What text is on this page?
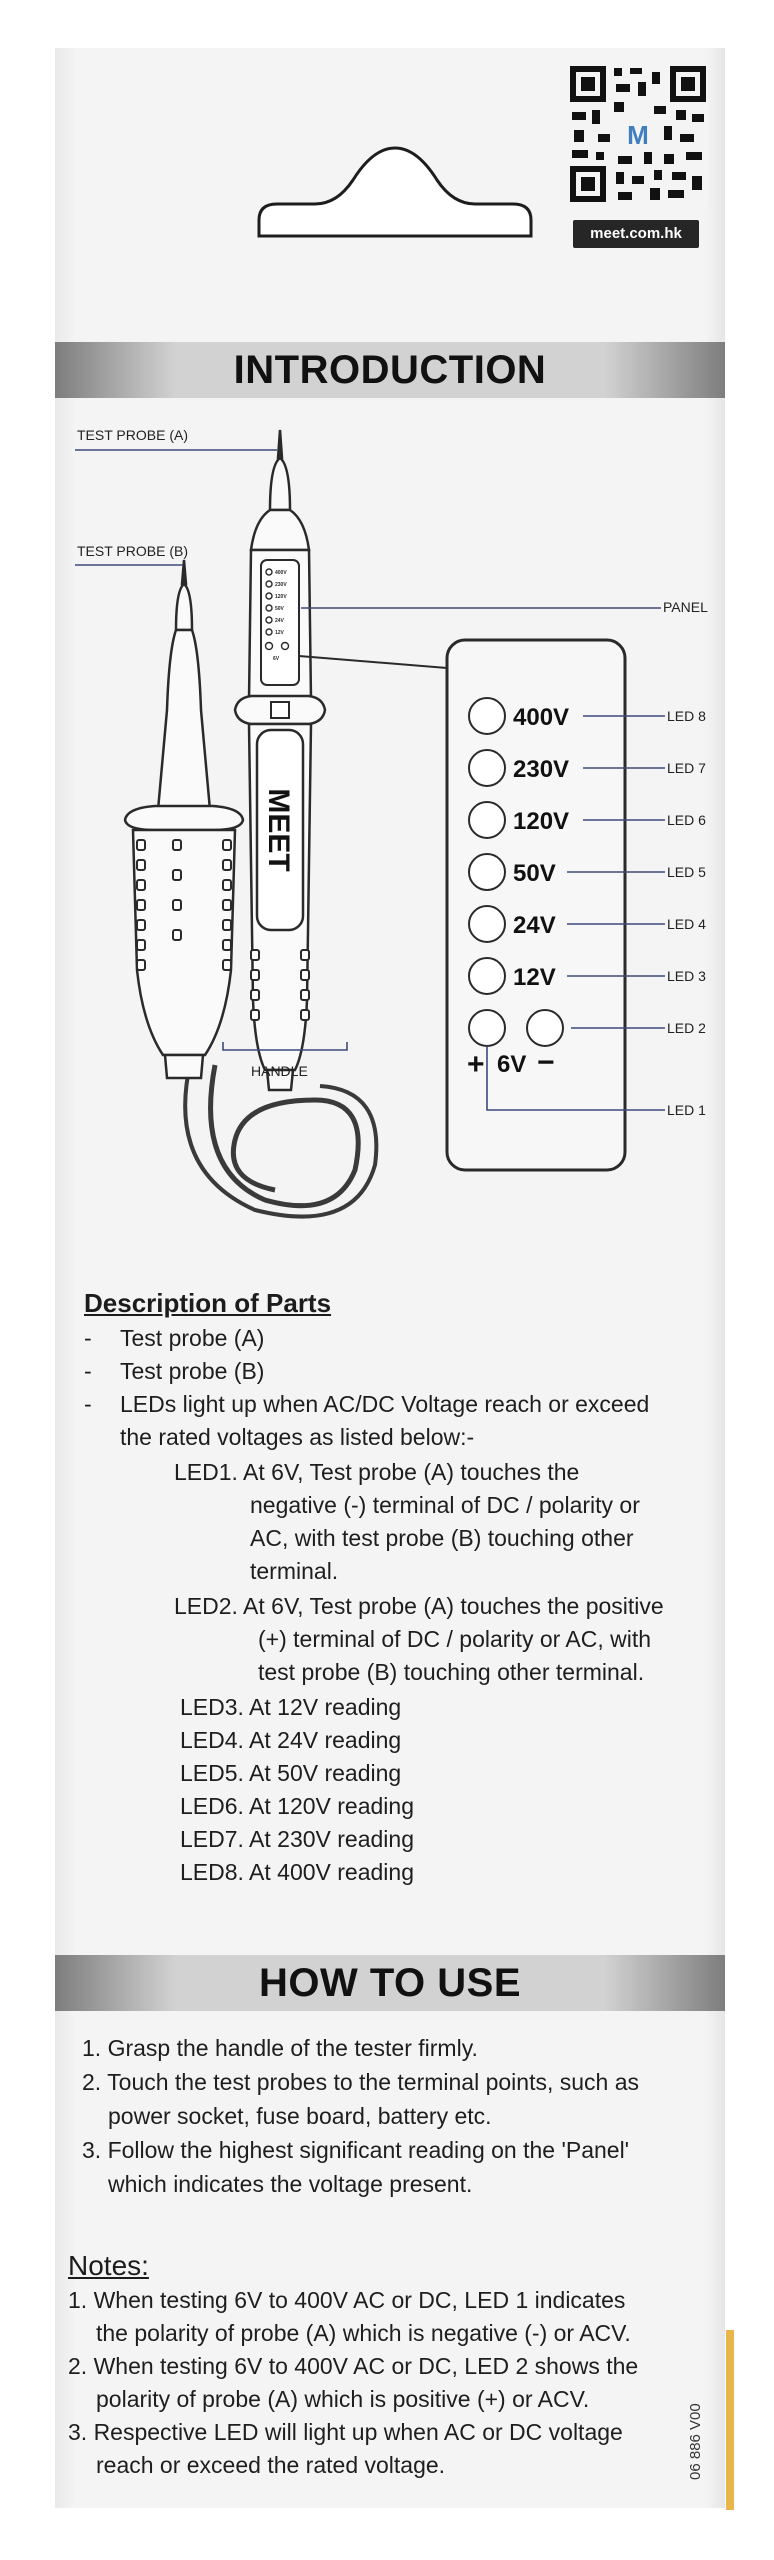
M
meet.com.hk
INTRODUCTION
400V
230V
120V
50V
24V
12V
6V
MEET
TEST PROBE (A)
TEST PROBE (B)
PANEL
HANDLE
400V	LED 8
230V	LED 7
120V	LED 6
50V	LED 5
24V	LED 4
12V	LED 3
LED 2
+ 6V −
LED 1
Description of Parts
- Test probe (A)
- Test probe (B)
- LEDs light up when AC/DC Voltage reach or exceed
the rated voltages as listed below:-
LED1. At 6V, Test probe (A) touches the
negative (-) terminal of DC / polarity or
AC, with test probe (B) touching other
terminal.
LED2. At 6V, Test probe (A) touches the positive
(+) terminal of DC / polarity or AC, with
test probe (B) touching other terminal.
LED3. At 12V reading
LED4. At 24V reading
LED5. At 50V reading
LED6. At 120V reading
LED7. At 230V reading
LED8. At 400V reading
HOW TO USE
1. Grasp the handle of the tester firmly.
2. Touch the test probes to the terminal points, such as
power socket, fuse board, battery etc.
3. Follow the highest significant reading on the 'Panel'
which indicates the voltage present.
Notes:
1. When testing 6V to 400V AC or DC, LED 1 indicates
the polarity of probe (A) which is negative (-) or ACV.
2. When testing 6V to 400V AC or DC, LED 2 shows the
polarity of probe (A) which is positive (+) or ACV.
3. Respective LED will light up when AC or DC voltage
reach or exceed the rated voltage.	06 886 V00
